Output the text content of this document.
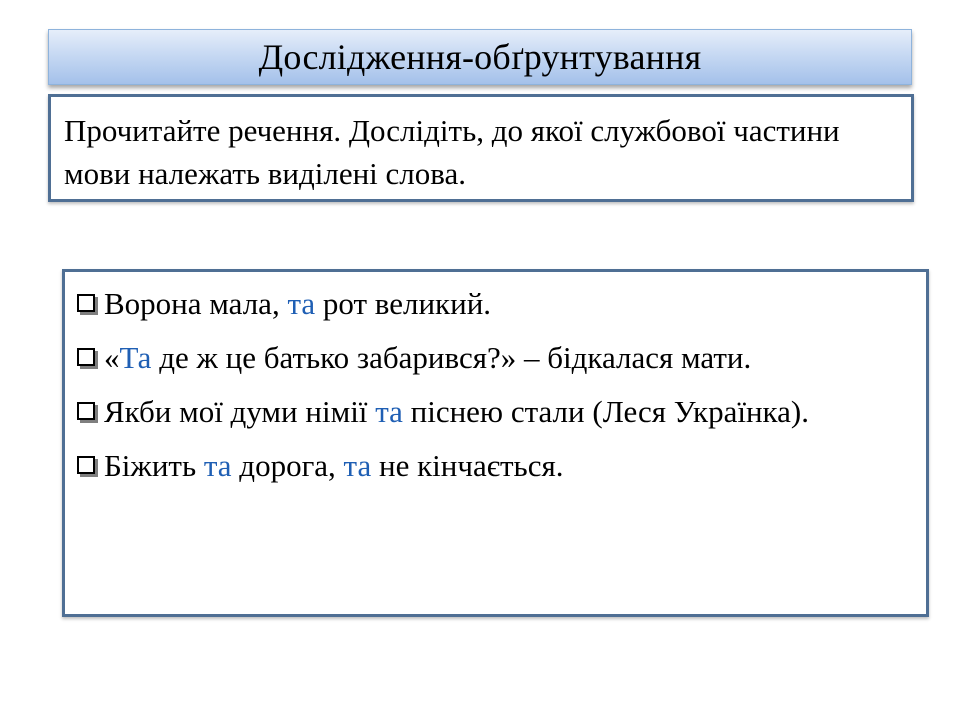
Дослідження-обґрунтування

Прочитайте речення. Дослідіть, до якої службової частини мови належать виділені слова.

Ворона мала, та рот великий.
«Та де ж це батько забарився?» – бідкалася мати.
Якби мої думи німії та піснею стали (Леся Українка).
Біжить та дорога, та не кінчається.
